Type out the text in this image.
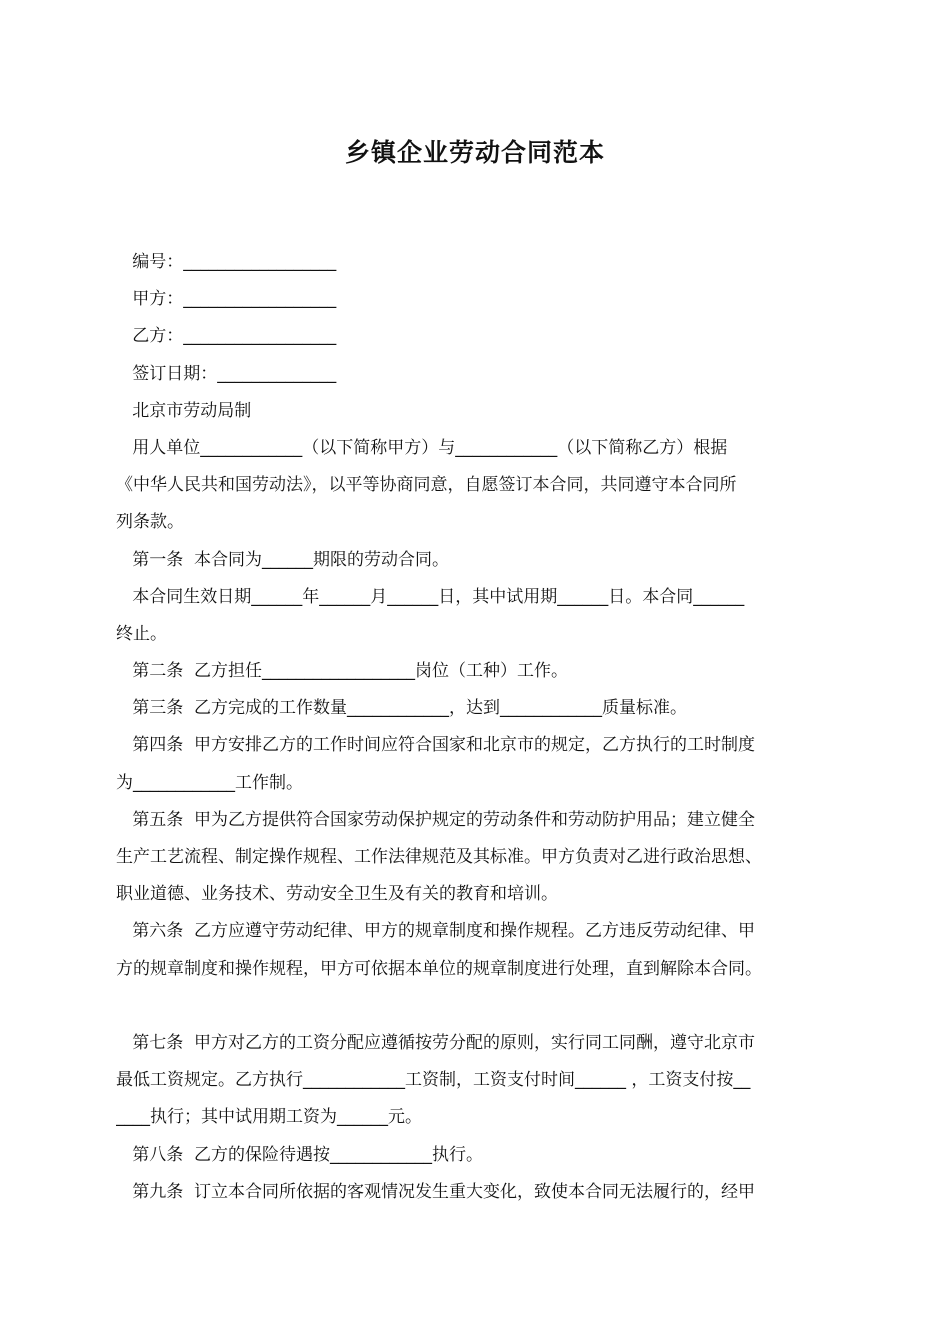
乡镇企业劳动合同范本
编号：__________________
甲方：__________________
乙方：__________________
签订日期：______________
北京市劳动局制
用人单位____________（以下简称甲方）与____________（以下简称乙方）根据
《中华人民共和国劳动法》，以平等协商同意，自愿签订本合同，共同遵守本合同所
列条款。
第一条  本合同为______期限的劳动合同。
本合同生效日期______年______月______日，其中试用期______日。本合同______
终止。
第二条  乙方担任__________________岗位（工种）工作。
第三条  乙方完成的工作数量____________，达到____________质量标准。
第四条  甲方安排乙方的工作时间应符合国家和北京市的规定，乙方执行的工时制度
为____________工作制。
第五条  甲为乙方提供符合国家劳动保护规定的劳动条件和劳动防护用品；建立健全
生产工艺流程、制定操作规程、工作法律规范及其标准。甲方负责对乙进行政治思想、
职业道德、业务技术、劳动安全卫生及有关的教育和培训。
第六条  乙方应遵守劳动纪律、甲方的规章制度和操作规程。乙方违反劳动纪律、甲
方的规章制度和操作规程，甲方可依据本单位的规章制度进行处理，直到解除本合同。
第七条  甲方对乙方的工资分配应遵循按劳分配的原则，实行同工同酬，遵守北京市
最低工资规定。乙方执行____________工资制，工资支付时间______ ，工资支付按__
____执行；其中试用期工资为______元。
第八条  乙方的保险待遇按____________执行。
第九条  订立本合同所依据的客观情况发生重大变化，致使本合同无法履行的，经甲
